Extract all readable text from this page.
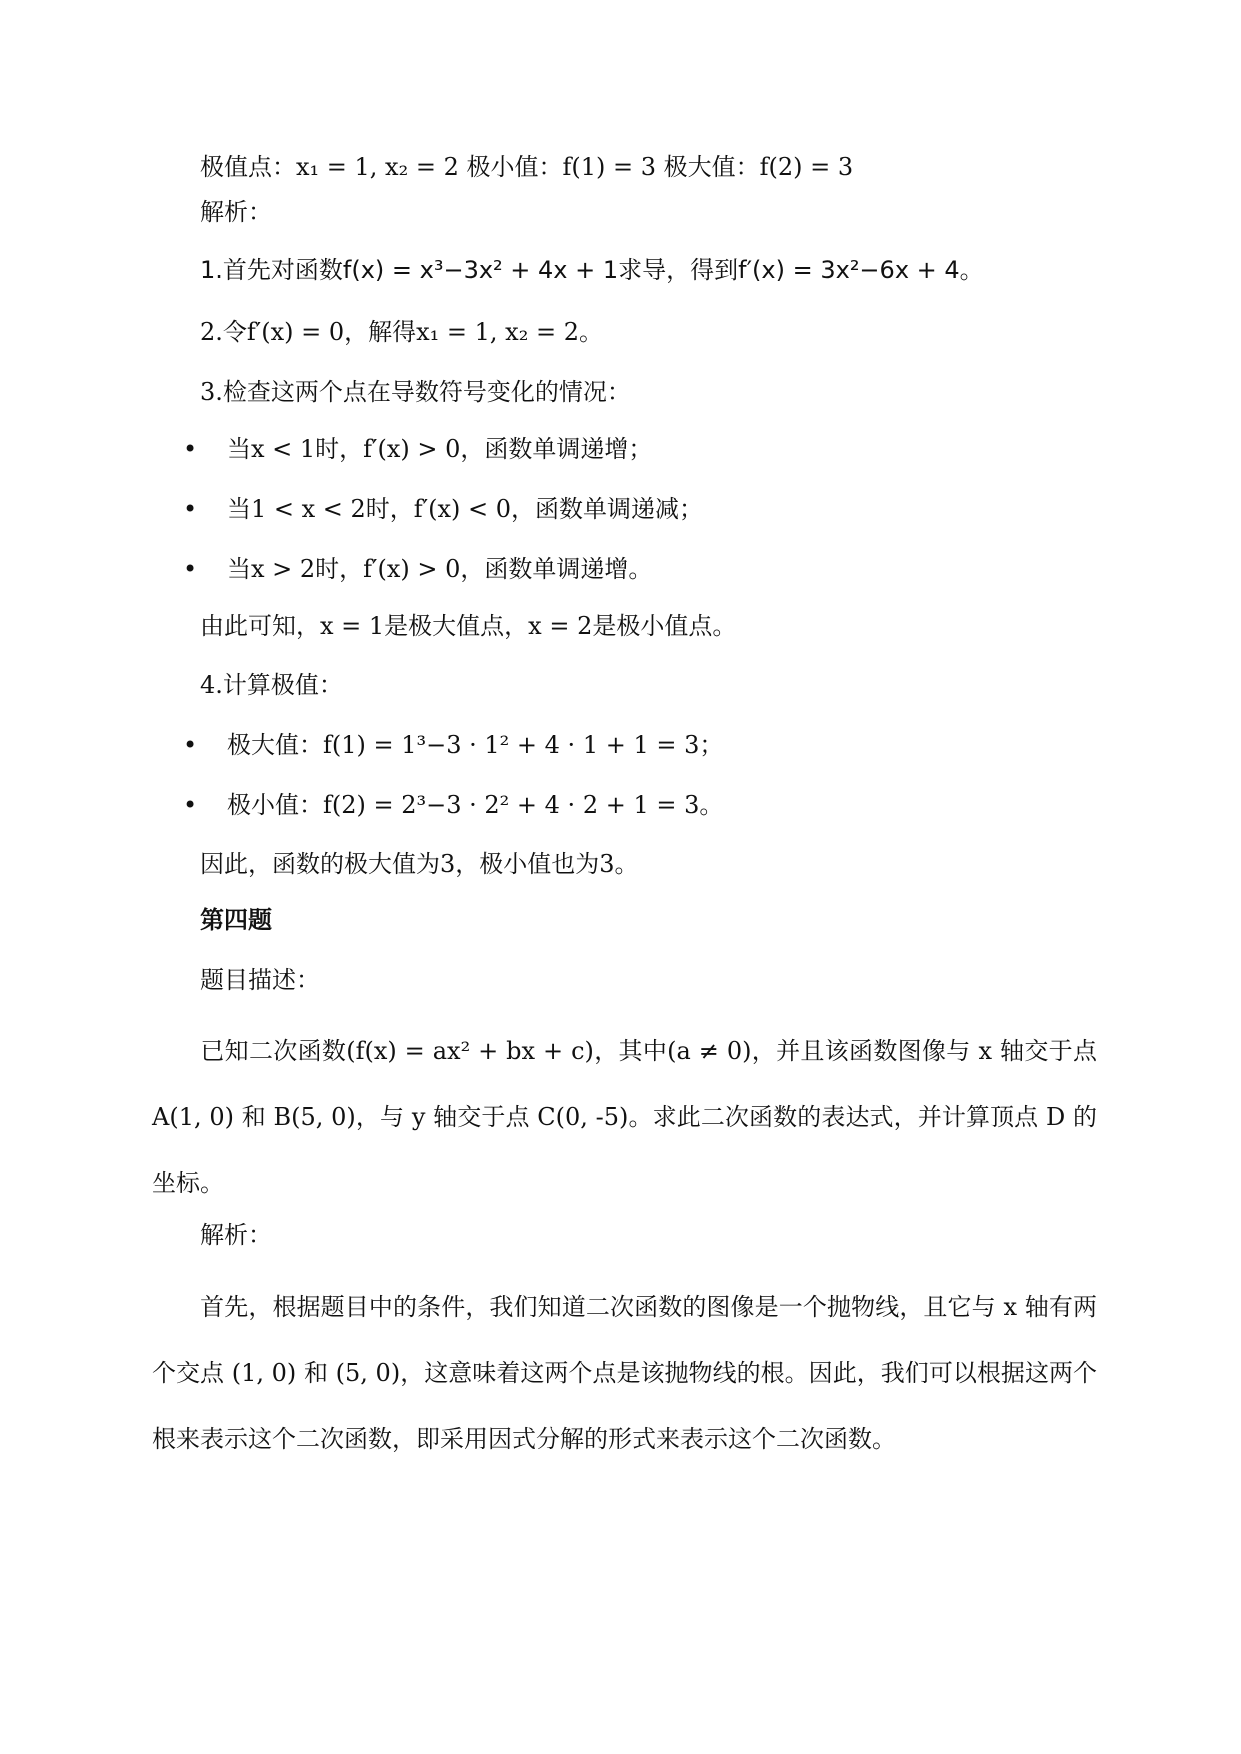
极值点：x₁ = 1, x₂ = 2 极小值：f(1) = 3 极大值：f(2) = 3
解析：
1.首先对函数f(x) = x³−3x² + 4x + 1求导，得到f′(x) = 3x²−6x + 4。
2.令f′(x) = 0，解得x₁ = 1, x₂ = 2。
3.检查这两个点在导数符号变化的情况：
• 当x < 1时，f′(x) > 0，函数单调递增；
• 当1 < x < 2时，f′(x) < 0，函数单调递减；
• 当x > 2时，f′(x) > 0，函数单调递增。
由此可知，x = 1是极大值点，x = 2是极小值点。
4.计算极值：
• 极大值：f(1) = 1³−3 · 1² + 4 · 1 + 1 = 3；
• 极小值：f(2) = 2³−3 · 2² + 4 · 2 + 1 = 3。
因此，函数的极大值为3，极小值也为3。
第四题
题目描述：
已知二次函数(f(x) = ax² + bx + c)，其中(a ≠ 0)，并且该函数图像与 x 轴交于点 A(1, 0) 和 B(5, 0)，与 y 轴交于点 C(0, -5)。求此二次函数的表达式，并计算顶点 D 的坐标。
解析：
首先，根据题目中的条件，我们知道二次函数的图像是一个抛物线，且它与 x 轴有两个交点 (1, 0) 和 (5, 0)，这意味着这两个点是该抛物线的根。因此，我们可以根据这两个根来表示这个二次函数，即采用因式分解的形式来表示这个二次函数。
